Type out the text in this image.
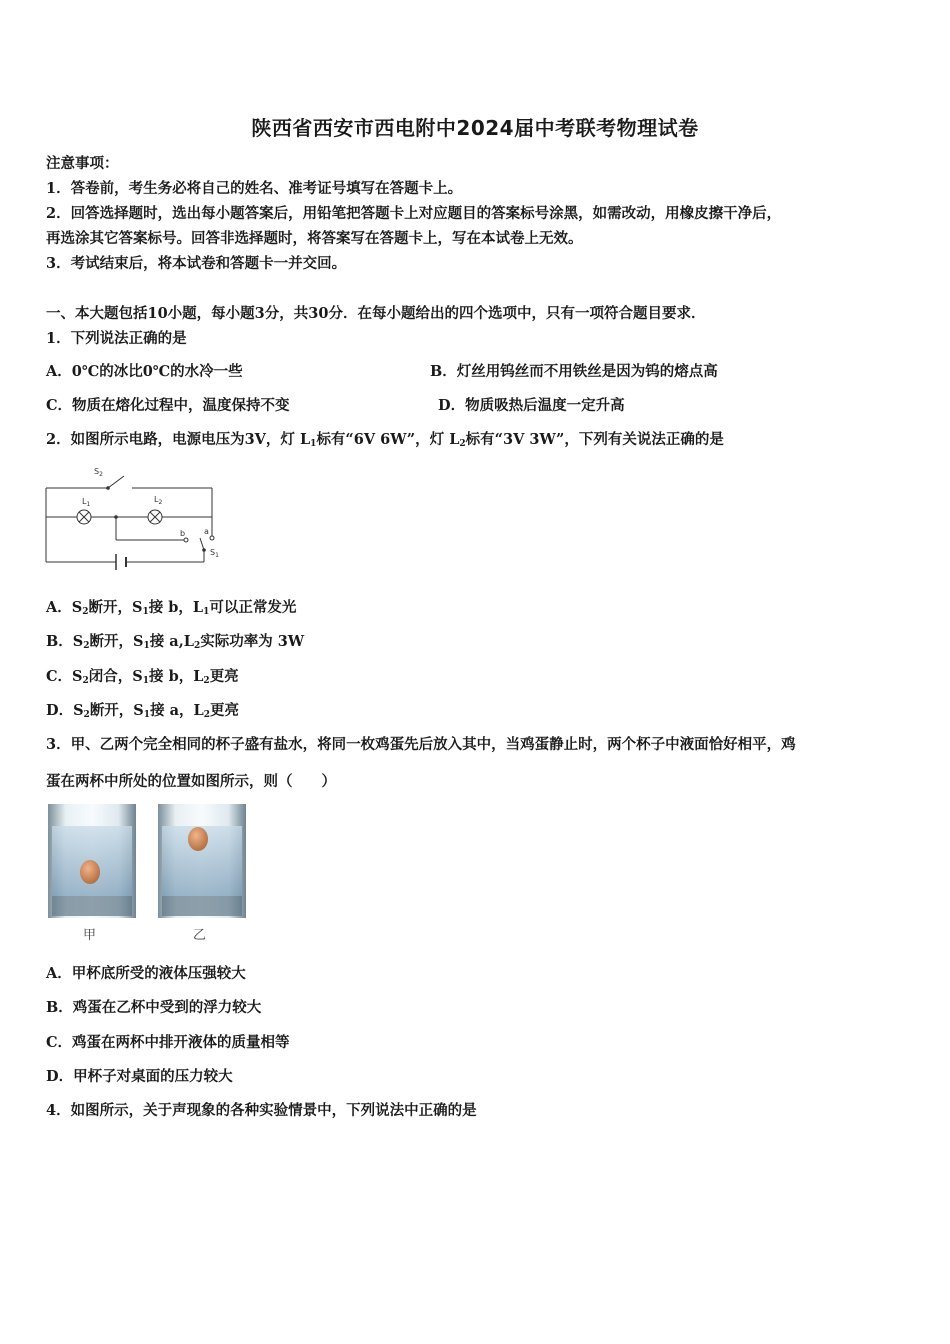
陕西省西安市西电附中2024届中考联考物理试卷
注意事项：
1．答卷前，考生务必将自己的姓名、准考证号填写在答题卡上。
2．回答选择题时，选出每小题答案后，用铅笔把答题卡上对应题目的答案标号涂黑，如需改动，用橡皮擦干净后，
再选涂其它答案标号。回答非选择题时，将答案写在答题卡上，写在本试卷上无效。
3．考试结束后，将本试卷和答题卡一并交回。
一、本大题包括10小题，每小题3分，共30分．在每小题给出的四个选项中，只有一项符合题目要求．
1．下列说法正确的是
A．0℃的冰比0℃的水冷一些	B．灯丝用钨丝而不用铁丝是因为钨的熔点高
C．物质在熔化过程中，温度保持不变	D．物质吸热后温度一定升高
2．如图所示电路，电源电压为3V，灯 $L_1$标有“6V 6W”，灯 $L_2$标有“3V 3W”，下列有关说法正确的是
$S_2$
$L_1$
$L_2$
b a
$S_1$
A．$S_2$断开，$S_1$接 b，$L_1$可以正常发光
B．$S_2$断开，$S_1$接 $a,L_2$实际功率为 3W
C．$S_2$闭合，$S_1$接 b，$L_2$更亮
D．$S_2$断开，$S_1$接 a，$L_2$更亮
3．甲、乙两个完全相同的杯子盛有盐水，将同一枚鸡蛋先后放入其中，当鸡蛋静止时，两个杯子中液面恰好相平，鸡
蛋在两杯中所处的位置如图所示，则（　　）
甲	乙
A．甲杯底所受的液体压强较大
B．鸡蛋在乙杯中受到的浮力较大
C．鸡蛋在两杯中排开液体的质量相等
D．甲杯子对桌面的压力较大
4．如图所示，关于声现象的各种实验情景中，下列说法中正确的是
